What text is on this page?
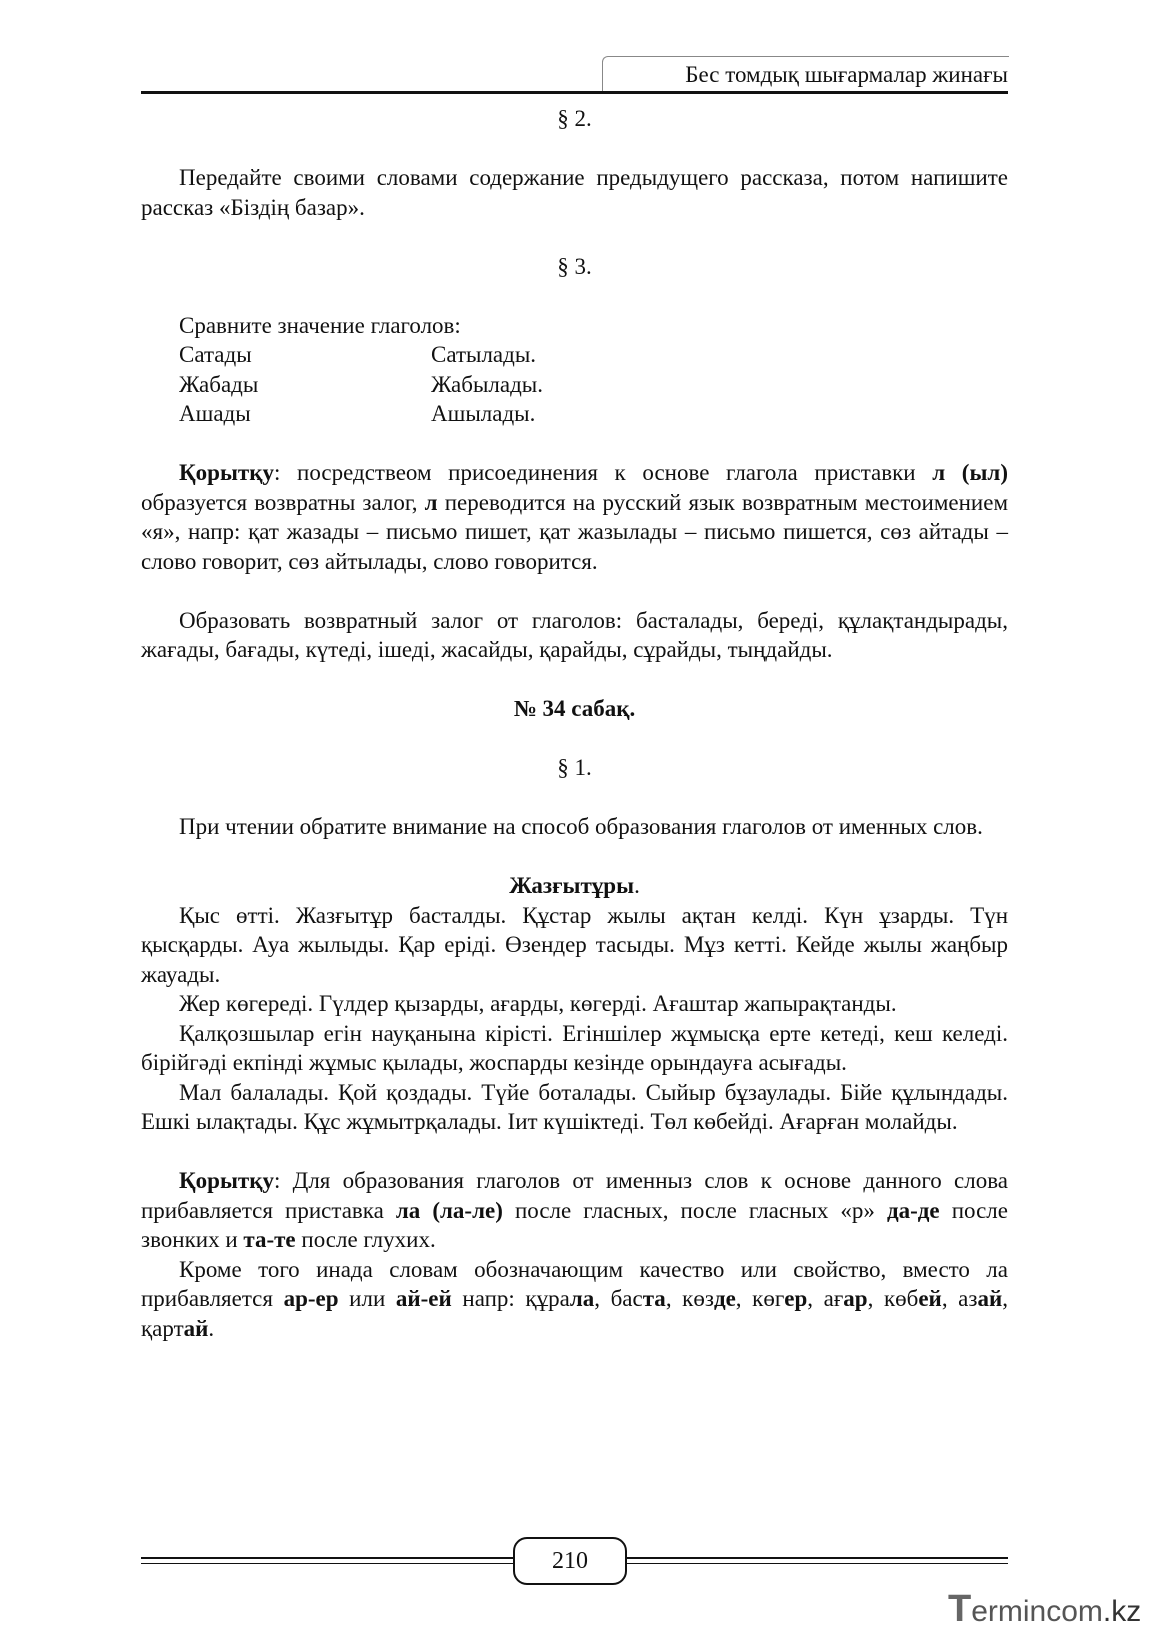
Бес томдық шығармалар жинағы

§ 2.

Передайте своими словами содержание предыдущего рассказа, потом напишите рассказ «Біздің базар».

§ 3.

Сравните значение глаголов:

Сатады	Сатылады.
Жабады	Жабылады.
Ашады	Ашылады.

Қорытқу: посредствеом присоединения к основе глагола приставки л (ыл) образуется возвратны залог, л переводится на русский язык возвратным местоимением «я», напр: қат жазады – письмо пишет, қат жазылады – письмо пишется, сөз айтады – слово говорит, сөз айтылады, слово говорится.

Образовать возвратный залог от глаголов: басталады, береді, құлақтандырады, жағады, бағады, күтеді, ішеді, жасайды, қарайды, сұрайды, тыңдайды.

№ 34 сабақ.

§ 1.

При чтении обратите внимание на способ образования глаголов от именных слов.

Жазғытұры.

Қыс өтті. Жазғытұр басталды. Құстар жылы ақтан келді. Күн ұзарды. Түн қысқарды. Ауа жылыды. Қар еріді. Өзендер тасыды. Мұз кетті. Кейде жылы жаңбыр жауады.

Жер көгереді. Гүлдер қызарды, ағарды, көгерді. Ағаштар жапырақтанды.

Қалқозшылар егін науқанына кірісті. Егіншілер жұмысқа ерте кетеді, кеш келеді. бірійгәді екпінді жұмыс қылады, жоспарды кезінде орындауға асығады.

Мал балалады. Қой қоздады. Түйе боталады. Сыйыр бұзаулады. Бійе құлындады. Ешкі ылақтады. Құс жұмытрқалады. Іит күшіктеді. Төл көбейді. Ағарған молайды.

Қорытқу: Для образования глаголов от именныз слов к основе данного слова прибавляется приставка ла (ла-ле) после гласных, после гласных «р» да-де после звонких и та-те после глухих.

Кроме того инада словам обозначающим качество или свойство, вместо ла прибавляется ар-ер или ай-ей напр: құрала, баста, көзде, көгер, ағар, көбей, азай, қартай.

210
Termincom.kz
